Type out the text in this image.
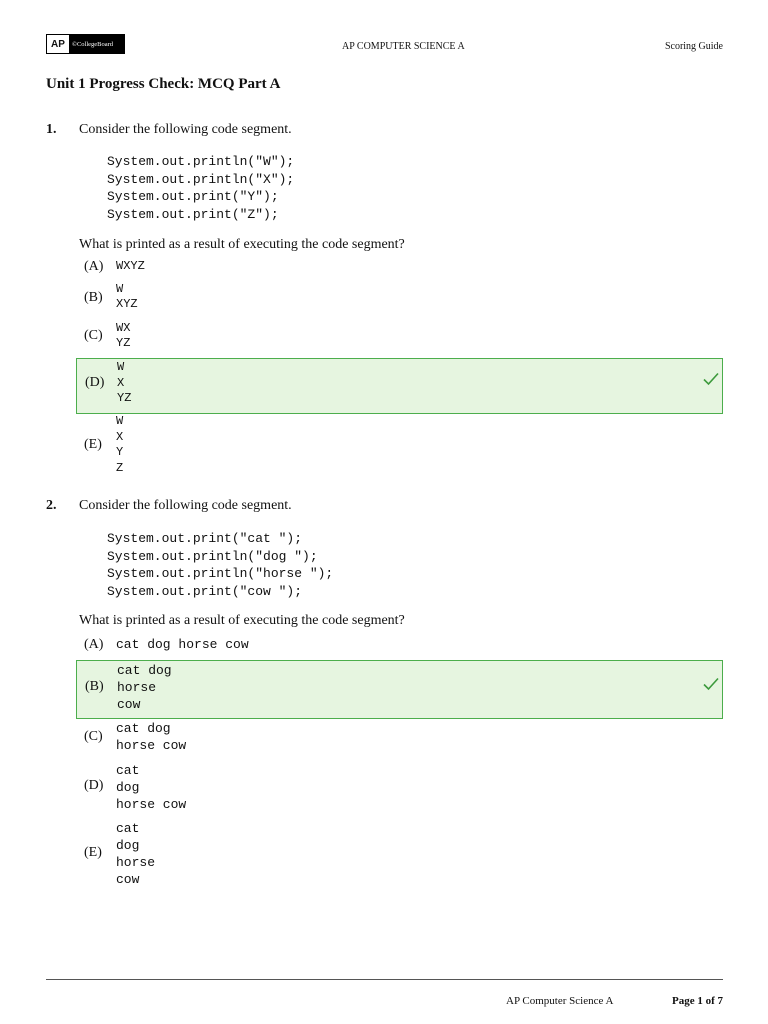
AP	©CollegeBoard	AP COMPUTER SCIENCE A	Scoring Guide
Unit 1 Progress Check: MCQ Part A
1. Consider the following code segment.
System.out.println("W");
System.out.println("X");
System.out.print("Y");
System.out.print("Z");
What is printed as a result of executing the code segment?
(A) WXYZ
(B)
W
XYZ
(C) WX
YZ
(D)
W
X
YZ
(E)
W
X
Y
Z
2. Consider the following code segment.
System.out.print("cat ");
System.out.println("dog ");
System.out.println("horse ");
System.out.print("cow ");
What is printed as a result of executing the code segment?
(A) cat dog horse cow
(B)
cat dog
horse
cow
(C)
cat dog
horse cow
(D)
cat
dog
horse cow
(E)
cat
dog
horse
cow
AP Computer Science A	Page 1 of 7
